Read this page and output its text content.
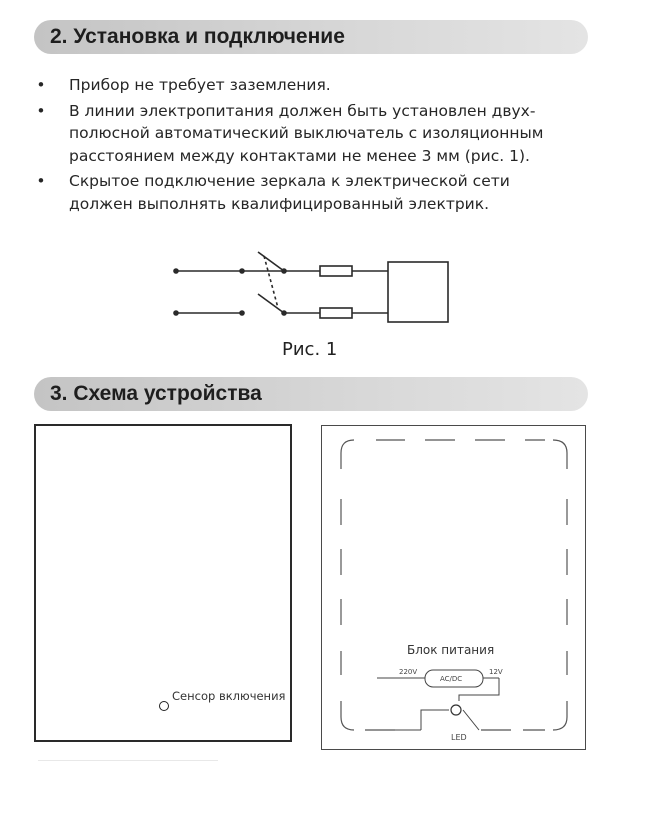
2. Установка и подключение
• Прибор не требует заземления.
• В линии электропитания должен быть установлен двух-
полюсной автоматический выключатель с изоляционным
расстоянием между контактами не менее 3 мм (рис. 1).
• Скрытое подключение зеркала к электрической сети
должен выполнять квалифицированный электрик.
Рис. 1
3. Схема устройства
Сенсор включения
Блок питания
220V	12V
AC/DC
LED
